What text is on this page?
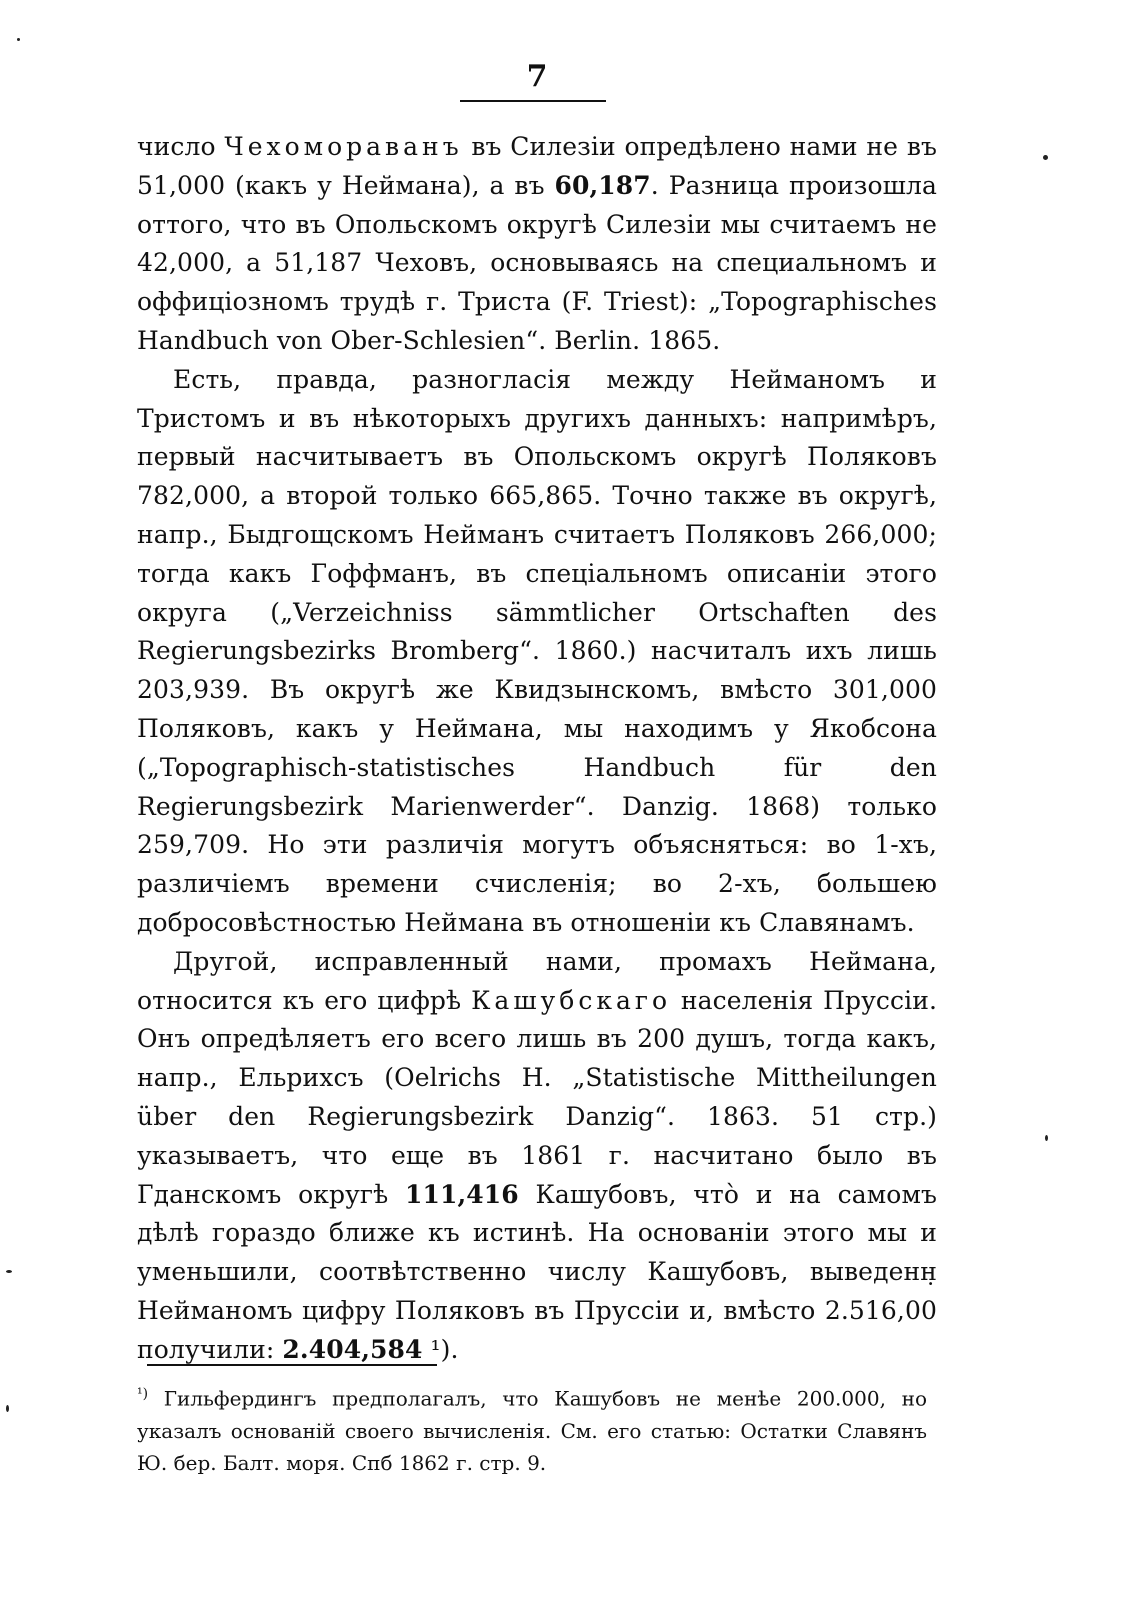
7

число Чехомораванъ въ Силезіи опредѣлено нами не въ 51,000 (какъ у Неймана), а въ 60,187. Разница произошла оттого, что въ Опольскомъ округѣ Силезіи мы считаемъ не 42,000, а 51,187 Чеховъ, основываясь на специальномъ и оффиціозномъ трудѣ г. Триста (F. Triest): „Topographisches Handbuch von Ober-Schlesien“. Berlin. 1865.

Есть, правда, разногласія между Нейманомъ и Тристомъ и въ нѣкоторыхъ другихъ данныхъ: напримѣръ, первый насчитываетъ въ Опольскомъ округѣ Поляковъ 782,000, а второй только 665,865. Точно также въ округѣ, напр., Быдгощскомъ Нейманъ считаетъ Поляковъ 266,000; тогда какъ Гоффманъ, въ спеціальномъ описаніи этого округа („Verzeichniss sämmtlicher Ortschaften des Regierungsbezirks Bromberg“. 1860.) насчиталъ ихъ лишь 203,939. Въ округѣ же Квидзынскомъ, вмѣсто 301,000 Поляковъ, какъ у Неймана, мы находимъ у Якобсона („Topographisch-statistisches Handbuch für den Regierungsbezirk Marienwerder“. Danzig. 1868) только 259,709. Но эти различія могутъ объясняться: во 1-хъ, различіемъ времени счисленія; во 2-хъ, большею добросовѣстностью Неймана въ отношеніи къ Славянамъ.

Другой, исправленный нами, промахъ Неймана, относится къ его цифрѣ Кашубскаго населенія Пруссіи. Онъ опредѣляетъ его всего лишь въ 200 душъ, тогда какъ, напр., Ельрихсъ (Oelrichs H. „Statistische Mittheilungen über den Regierungsbezirk Danzig“. 1863. 51 стр.) указываетъ, что еще въ 1861 г. насчитано было въ Гданскомъ округѣ 111,416 Кашубовъ, что̀ и на самомъ дѣлѣ гораздо ближе къ истинѣ. На основаніи этого мы и уменьшили, соотвѣтственно числу Кашубовъ, выведенн̣ Нейманомъ цифру Поляковъ въ Пруссіи и, вмѣсто 2.516,00 получили: 2.404,584 ¹).

$^{^1)}$ Гильфердингъ предполагалъ, что Кашубовъ не менѣе 200.000, но указалъ основаній своего вычисленія. См. его статью: Остатки Славянъ Ю. бер. Балт. моря. Спб 1862 г. стр. 9.
